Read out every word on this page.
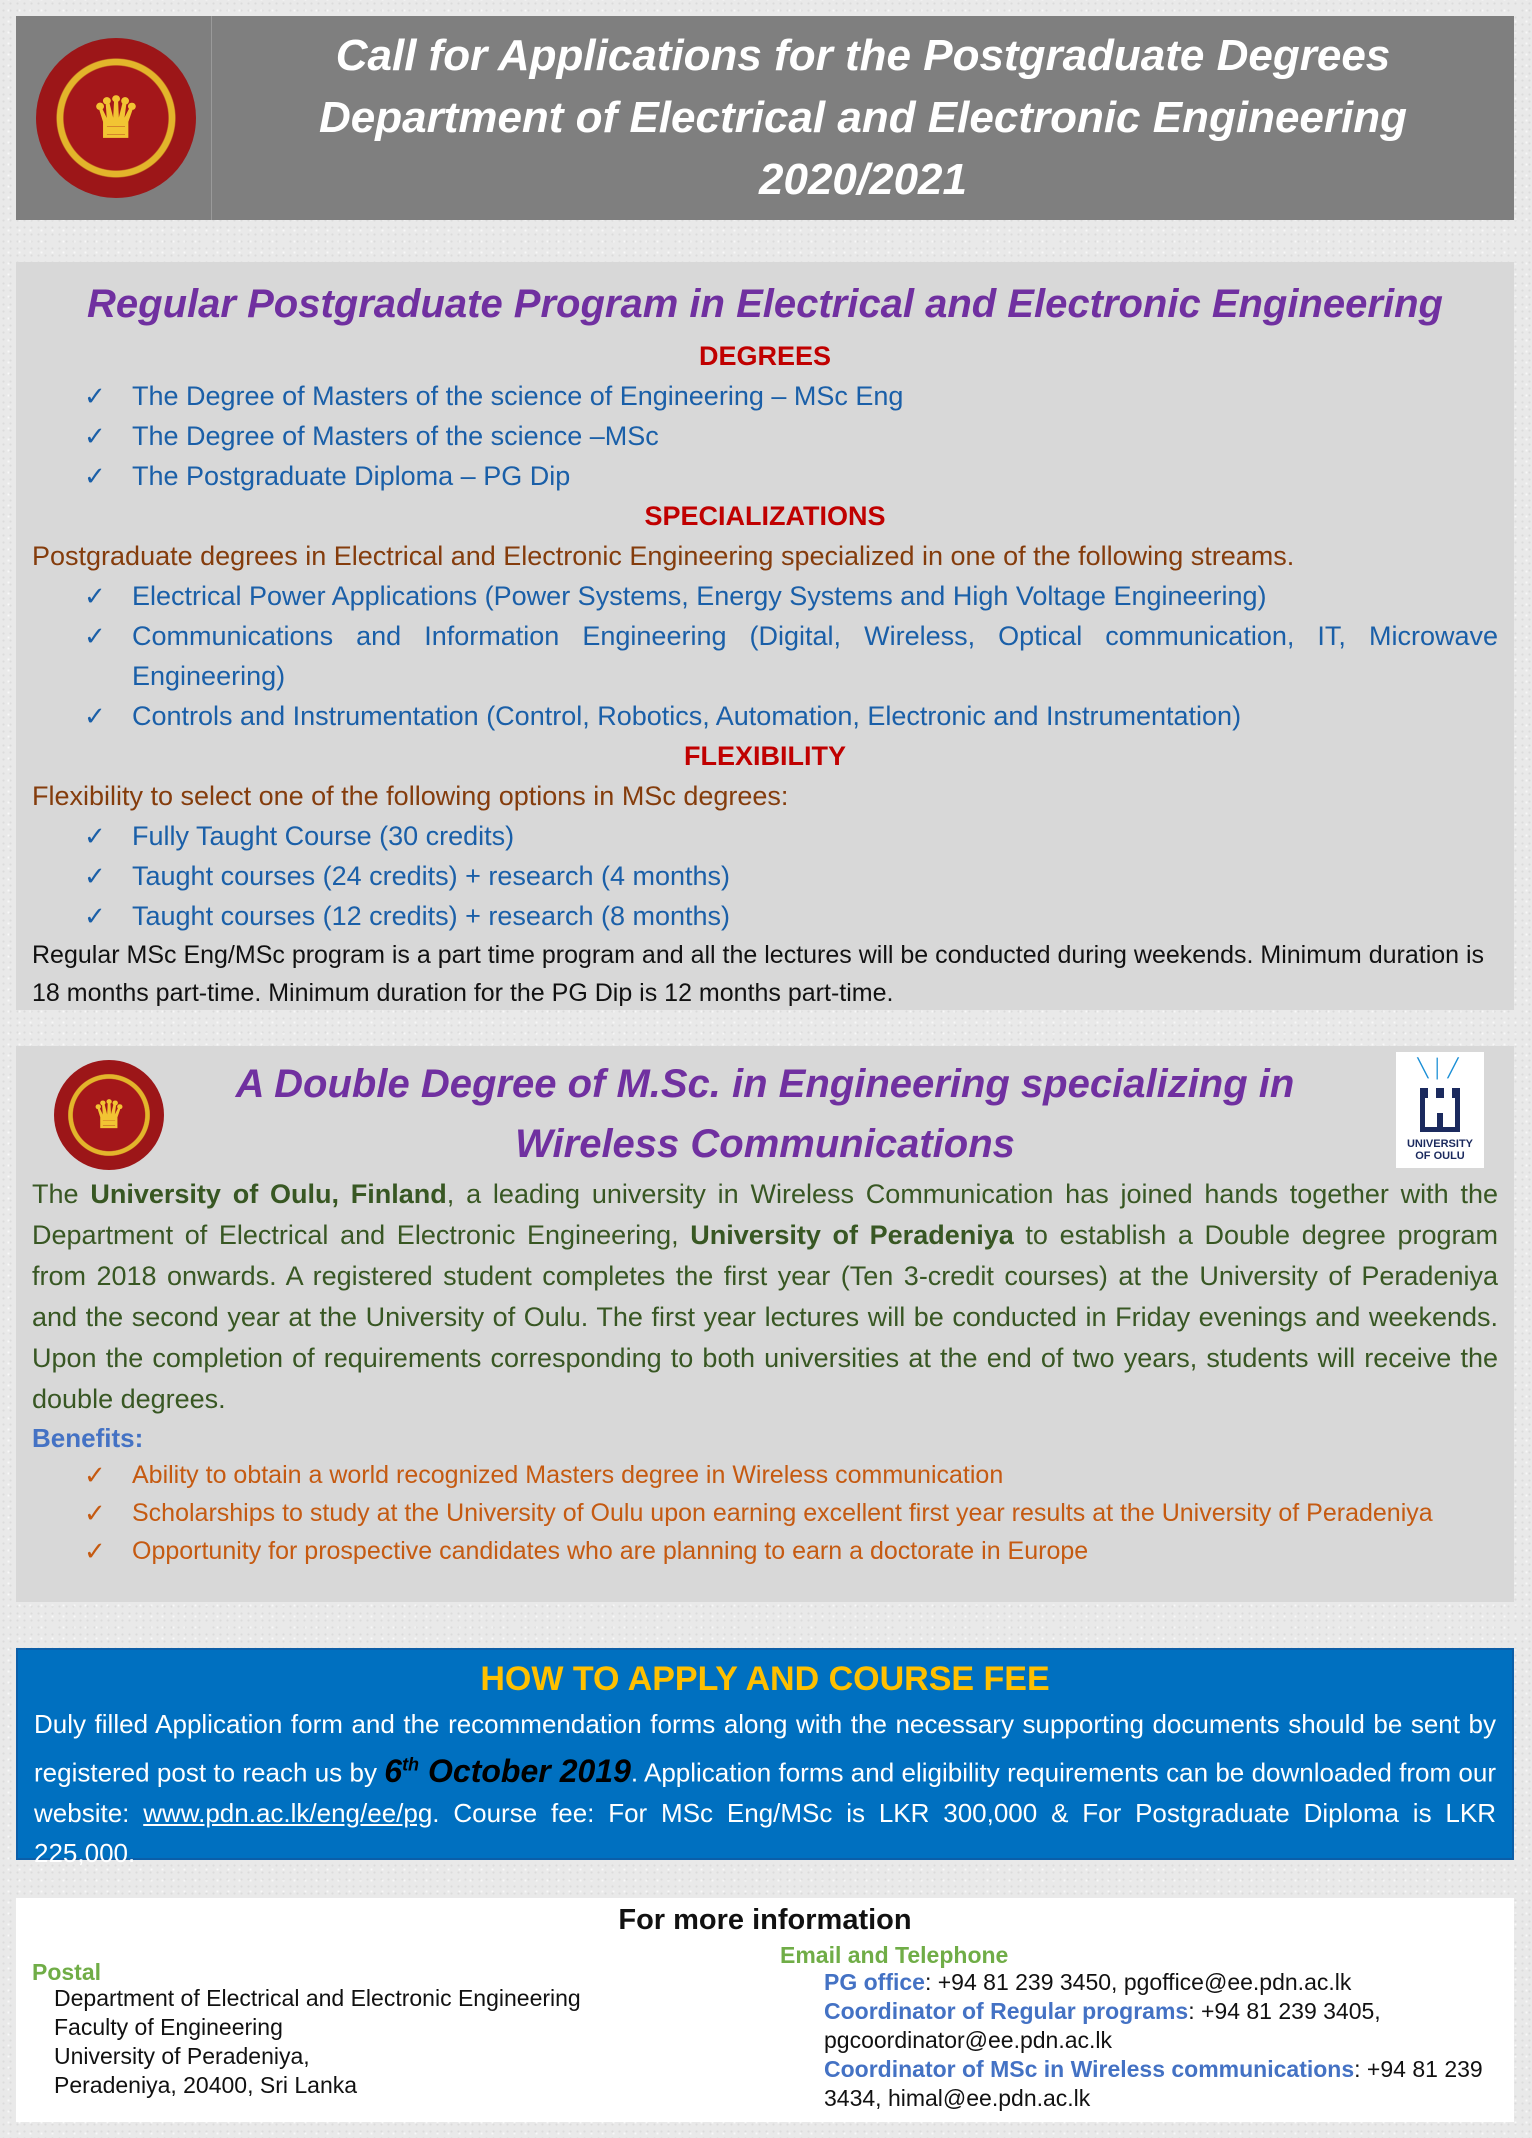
♛
Call for Applications for the Postgraduate Degrees
Department of Electrical and Electronic Engineering
2020/2021
Regular Postgraduate Program in Electrical and Electronic Engineering
DEGREES
✓ The Degree of Masters of the science of Engineering – MSc Eng
✓ The Degree of Masters of the science –MSc
✓ The Postgraduate Diploma – PG Dip
SPECIALIZATIONS
Postgraduate degrees in Electrical and Electronic Engineering specialized in one of the following streams.
✓ Electrical Power Applications (Power Systems, Energy Systems and High Voltage Engineering)
✓ Communications and Information Engineering (Digital, Wireless, Optical communication, IT, Microwave Engineering)
✓ Controls and Instrumentation (Control, Robotics, Automation, Electronic and Instrumentation)
FLEXIBILITY
Flexibility to select one of the following options in MSc degrees:
✓ Fully Taught Course (30 credits)
✓ Taught courses (24 credits) + research (4 months)
✓ Taught courses (12 credits) + research (8 months)
Regular MSc Eng/MSc program is a part time program and all the lectures will be conducted during weekends. Minimum duration is 18 months part-time. Minimum duration for the PG Dip is 12 months part-time.
♛
A Double Degree of M.Sc. in Engineering specializing in
Wireless Communications
╲│╱
UNIVERSITY
OF OULU

The University of Oulu, Finland, a leading university in Wireless Communication has joined hands together with the Department of Electrical and Electronic Engineering, University of Peradeniya to establish a Double degree program from 2018 onwards. A registered student completes the first year (Ten 3-credit courses) at the University of Peradeniya and the second year at the University of Oulu. The first year lectures will be conducted in Friday evenings and weekends. Upon the completion of requirements corresponding to both universities at the end of two years, students will receive the double degrees.

Benefits:
✓ Ability to obtain a world recognized Masters degree in Wireless communication
✓ Scholarships to study at the University of Oulu upon earning excellent first year results at the University of Peradeniya
✓ Opportunity for prospective candidates who are planning to earn a doctorate in Europe
HOW TO APPLY AND COURSE FEE

Duly filled Application form and the recommendation forms along with the necessary supporting documents should be sent by registered post to reach us by 6th October 2019. Application forms and eligibility requirements can be downloaded from our website: www.pdn.ac.lk/eng/ee/pg. Course fee: For MSc Eng/MSc is LKR 300,000 & For Postgraduate Diploma is LKR 225,000.

For more information
Postal
Department of Electrical and Electronic Engineering
Faculty of Engineering
University of Peradeniya,
Peradeniya, 20400, Sri Lanka
Email and Telephone
PG office: +94 81 239 3450, pgoffice@ee.pdn.ac.lk
Coordinator of Regular programs: +94 81 239 3405, pgcoordinator@ee.pdn.ac.lk
Coordinator of MSc in Wireless communications: +94 81 239 3434, himal@ee.pdn.ac.lk
